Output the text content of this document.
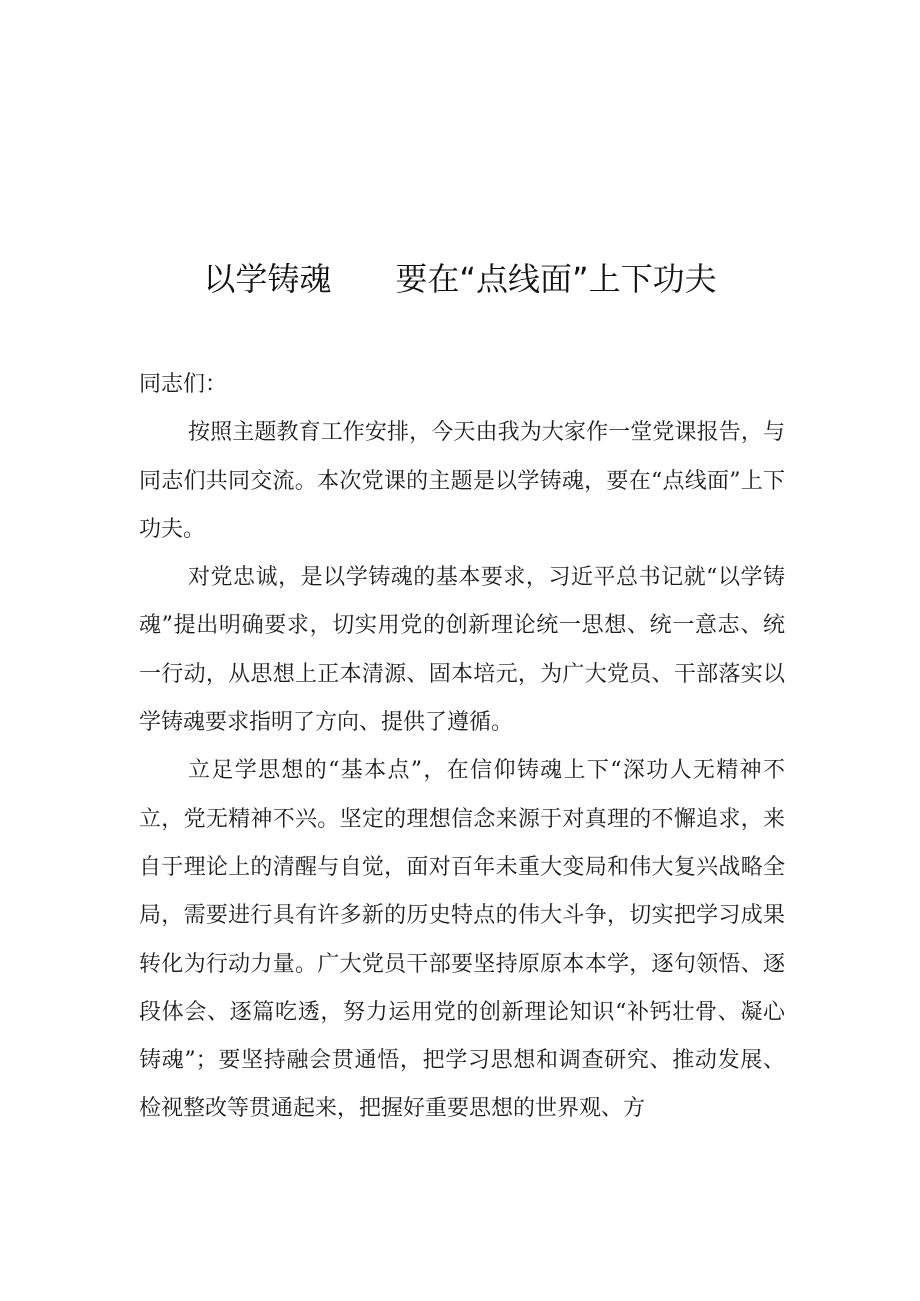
以学铸魂　　要在“点线面”上下功夫

同志们：

按照主题教育工作安排，今天由我为大家作一堂党课报告，与同志们共同交流。本次党课的主题是以学铸魂，要在“点线面”上下功夫。

对党忠诚，是以学铸魂的基本要求，习近平总书记就“以学铸魂”提出明确要求，切实用党的创新理论统一思想、统一意志、统一行动，从思想上正本清源、固本培元，为广大党员、干部落实以学铸魂要求指明了方向、提供了遵循。

立足学思想的“基本点”，在信仰铸魂上下“深功人无精神不立，党无精神不兴。坚定的理想信念来源于对真理的不懈追求，来自于理论上的清醒与自觉，面对百年未重大变局和伟大复兴战略全局，需要进行具有许多新的历史特点的伟大斗争，切实把学习成果转化为行动力量。广大党员干部要坚持原原本本学，逐句领悟、逐段体会、逐篇吃透，努力运用党的创新理论知识“补钙壮骨、凝心铸魂”；要坚持融会贯通悟，把学习思想和调查研究、推动发展、检视整改等贯通起来，把握好重要思想的世界观、方
